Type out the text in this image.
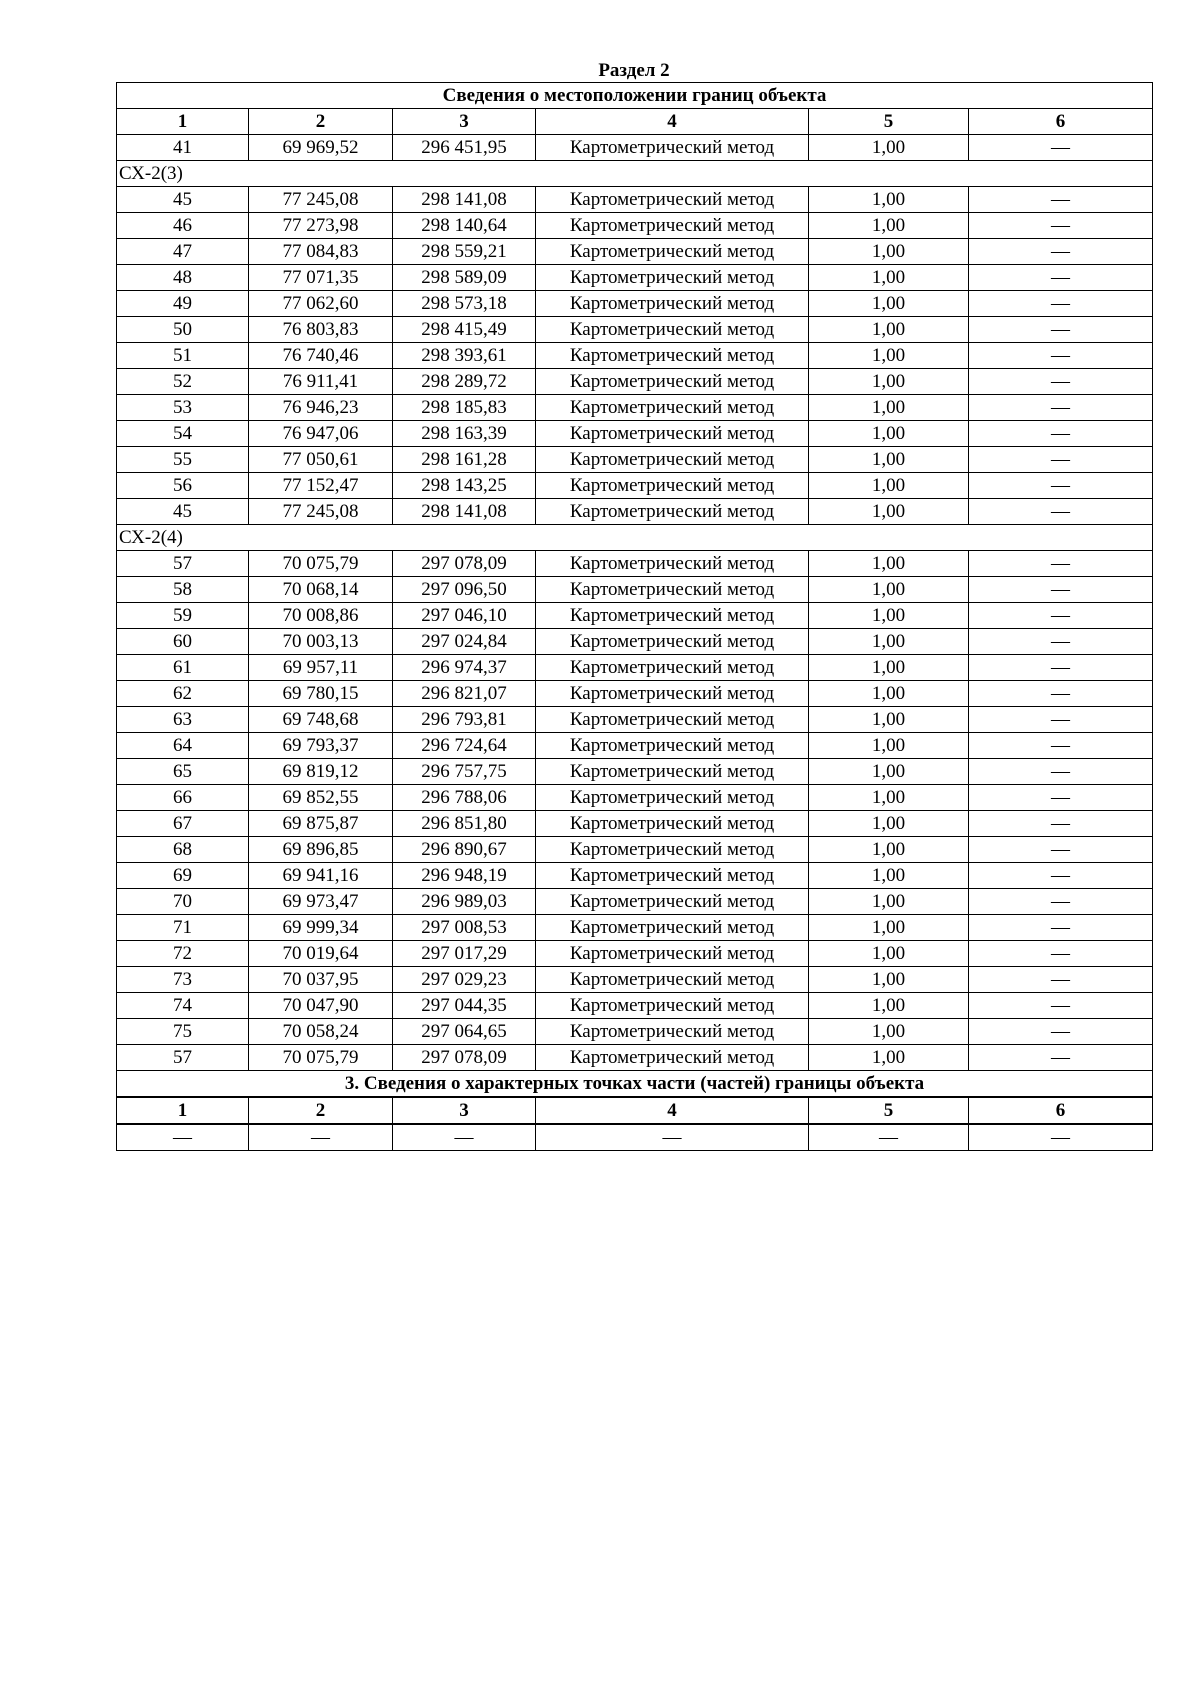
Раздел 2
Сведения о местоположении границ объекта					
1	2	3	4	5	6
41	69 969,52	296 451,95	Картометрический метод	1,00	—
СХ-2(3)					
45	77 245,08	298 141,08	Картометрический метод	1,00	—
46	77 273,98	298 140,64	Картометрический метод	1,00	—
47	77 084,83	298 559,21	Картометрический метод	1,00	—
48	77 071,35	298 589,09	Картометрический метод	1,00	—
49	77 062,60	298 573,18	Картометрический метод	1,00	—
50	76 803,83	298 415,49	Картометрический метод	1,00	—
51	76 740,46	298 393,61	Картометрический метод	1,00	—
52	76 911,41	298 289,72	Картометрический метод	1,00	—
53	76 946,23	298 185,83	Картометрический метод	1,00	—
54	76 947,06	298 163,39	Картометрический метод	1,00	—
55	77 050,61	298 161,28	Картометрический метод	1,00	—
56	77 152,47	298 143,25	Картометрический метод	1,00	—
45	77 245,08	298 141,08	Картометрический метод	1,00	—
СХ-2(4)					
57	70 075,79	297 078,09	Картометрический метод	1,00	—
58	70 068,14	297 096,50	Картометрический метод	1,00	—
59	70 008,86	297 046,10	Картометрический метод	1,00	—
60	70 003,13	297 024,84	Картометрический метод	1,00	—
61	69 957,11	296 974,37	Картометрический метод	1,00	—
62	69 780,15	296 821,07	Картометрический метод	1,00	—
63	69 748,68	296 793,81	Картометрический метод	1,00	—
64	69 793,37	296 724,64	Картометрический метод	1,00	—
65	69 819,12	296 757,75	Картометрический метод	1,00	—
66	69 852,55	296 788,06	Картометрический метод	1,00	—
67	69 875,87	296 851,80	Картометрический метод	1,00	—
68	69 896,85	296 890,67	Картометрический метод	1,00	—
69	69 941,16	296 948,19	Картометрический метод	1,00	—
70	69 973,47	296 989,03	Картометрический метод	1,00	—
71	69 999,34	297 008,53	Картометрический метод	1,00	—
72	70 019,64	297 017,29	Картометрический метод	1,00	—
73	70 037,95	297 029,23	Картометрический метод	1,00	—
74	70 047,90	297 044,35	Картометрический метод	1,00	—
75	70 058,24	297 064,65	Картометрический метод	1,00	—
57	70 075,79	297 078,09	Картометрический метод	1,00	—
3. Сведения о характерных точках части (частей) границы объекта					
1	2	3	4	5	6
—	—	—	—	—	—
